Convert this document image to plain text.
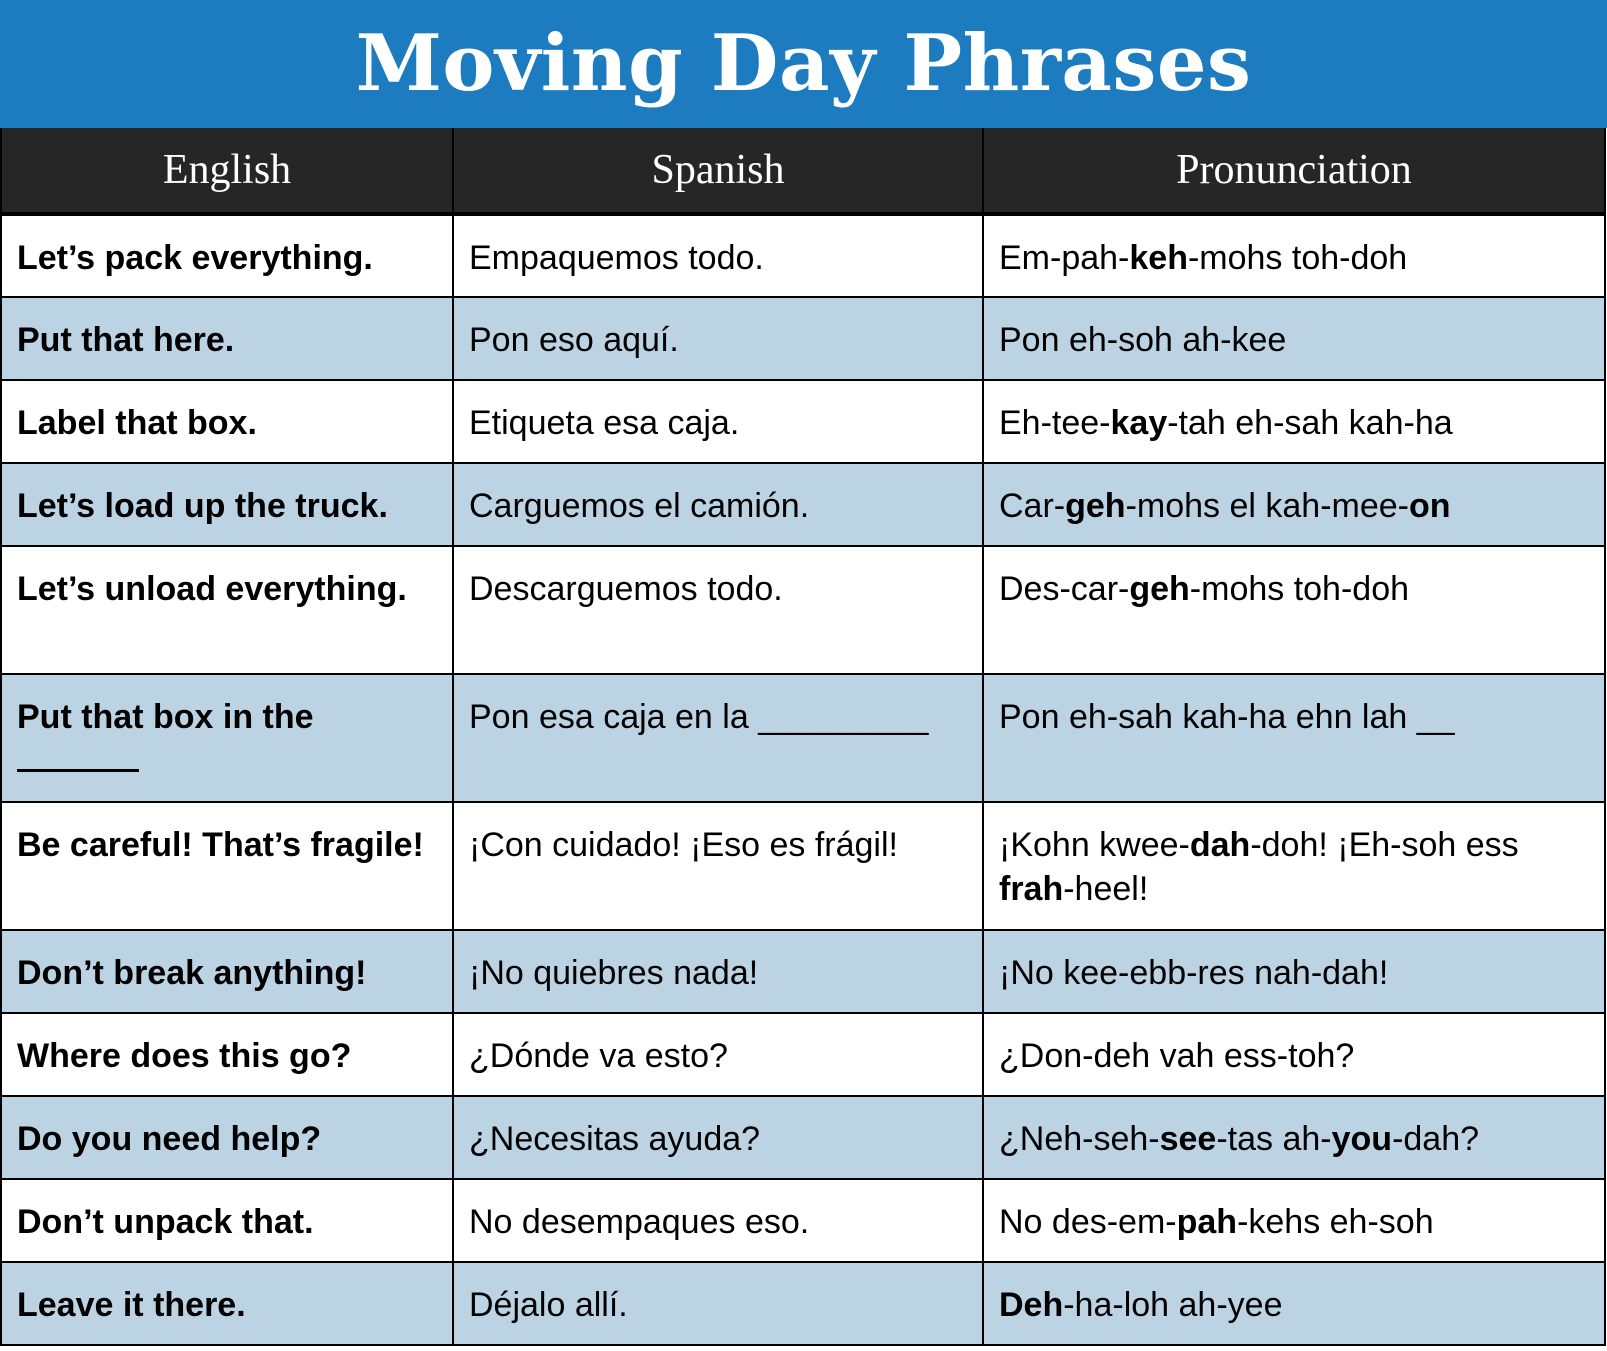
Moving Day Phrases
English	Spanish	Pronunciation
Let’s pack everything.	Empaquemos todo.	Em-pah-keh-mohs toh-doh
Put that here.	Pon eso aquí.	Pon eh-soh ah-kee
Label that box.	Etiqueta esa caja.	Eh-tee-kay-tah eh-sah kah-ha
Let’s load up the truck.	Carguemos el camión.	Car-geh-mohs el kah-mee-on
Let’s unload everything.	Descarguemos todo.	Des-car-geh-mohs toh-doh
Put that box in the	Pon esa caja en la _________	Pon eh-sah kah-ha ehn lah __
Be careful! That’s fragile!	¡Con cuidado! ¡Eso es frágil!	¡Kohn kwee-dah-doh! ¡Eh-soh ess frah-heel!
Don’t break anything!	¡No quiebres nada!	¡No kee-ebb-res nah-dah!
Where does this go?	¿Dónde va esto?	¿Don-deh vah ess-toh?
Do you need help?	¿Necesitas ayuda?	¿Neh-seh-see-tas ah-you-dah?
Don’t unpack that.	No desempaques eso.	No des-em-pah-kehs eh-soh
Leave it there.	Déjalo allí.	Deh-ha-loh ah-yee
